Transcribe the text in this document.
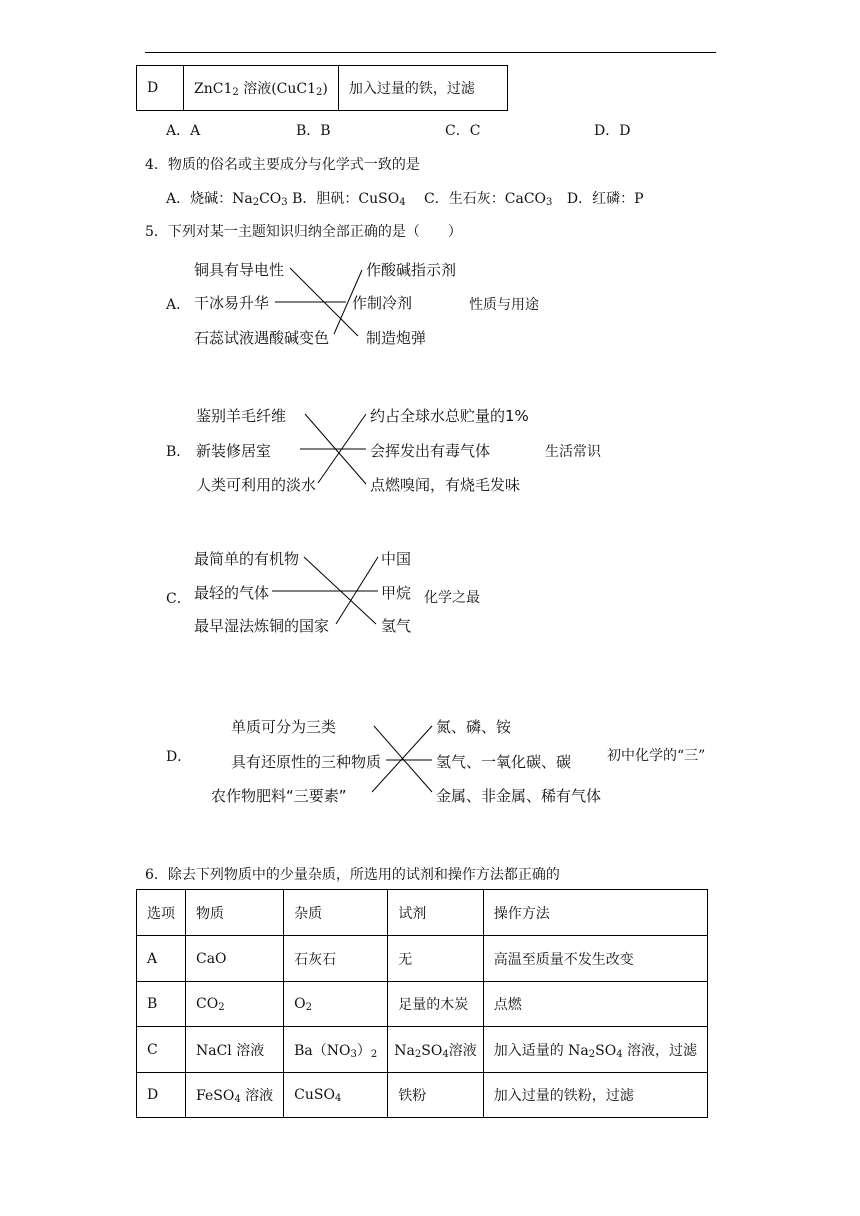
D	$ZnC1_2$ 溶液$(CuC1_2)$	加入过量的铁，过滤
A．A	B．B	C．C	D．D
4．物质的俗名或主要成分与化学式一致的是
A．烧碱：$Na_2CO_3$ B．胆矾：CuSO$_4$ C．生石灰：CaCO$_3$ D．红磷：P
5．下列对某一主题知识归纳全部正确的是（　　）
A．
铜具有导电性
干冰易升华
石蕊试液遇酸碱变色
作酸碱指示剂
作制冷剂
制造炮弹
性质与用途
B．
鉴别羊毛纤维
新装修居室
人类可利用的淡水
约占全球水总贮量的1%
会挥发出有毒气体
点燃嗅闻，有烧毛发味
生活常识
C．
最简单的有机物
最轻的气体
最早湿法炼铜的国家
中国
甲烷
氢气
化学之最
D．
单质可分为三类
具有还原性的三种物质
农作物肥料“三要素”
氮、磷、铵
氢气、一氧化碳、碳
金属、非金属、稀有气体
初中化学的“三”
6．除去下列物质中的少量杂质，所选用的试剂和操作方法都正确的
选项	物质	杂质	试剂	操作方法
A	CaO	石灰石	无	高温至质量不发生改变
B	$CO_2$	$O_2$	足量的木炭	点燃
C	NaCl 溶液	$Ba(NO_3)_2$	$Na_2SO_4$溶液	加入适量的 $Na_2SO_4$ 溶液，过滤
D	FeSO$_4$ 溶液	CuSO$_4$	铁粉	加入过量的铁粉，过滤
